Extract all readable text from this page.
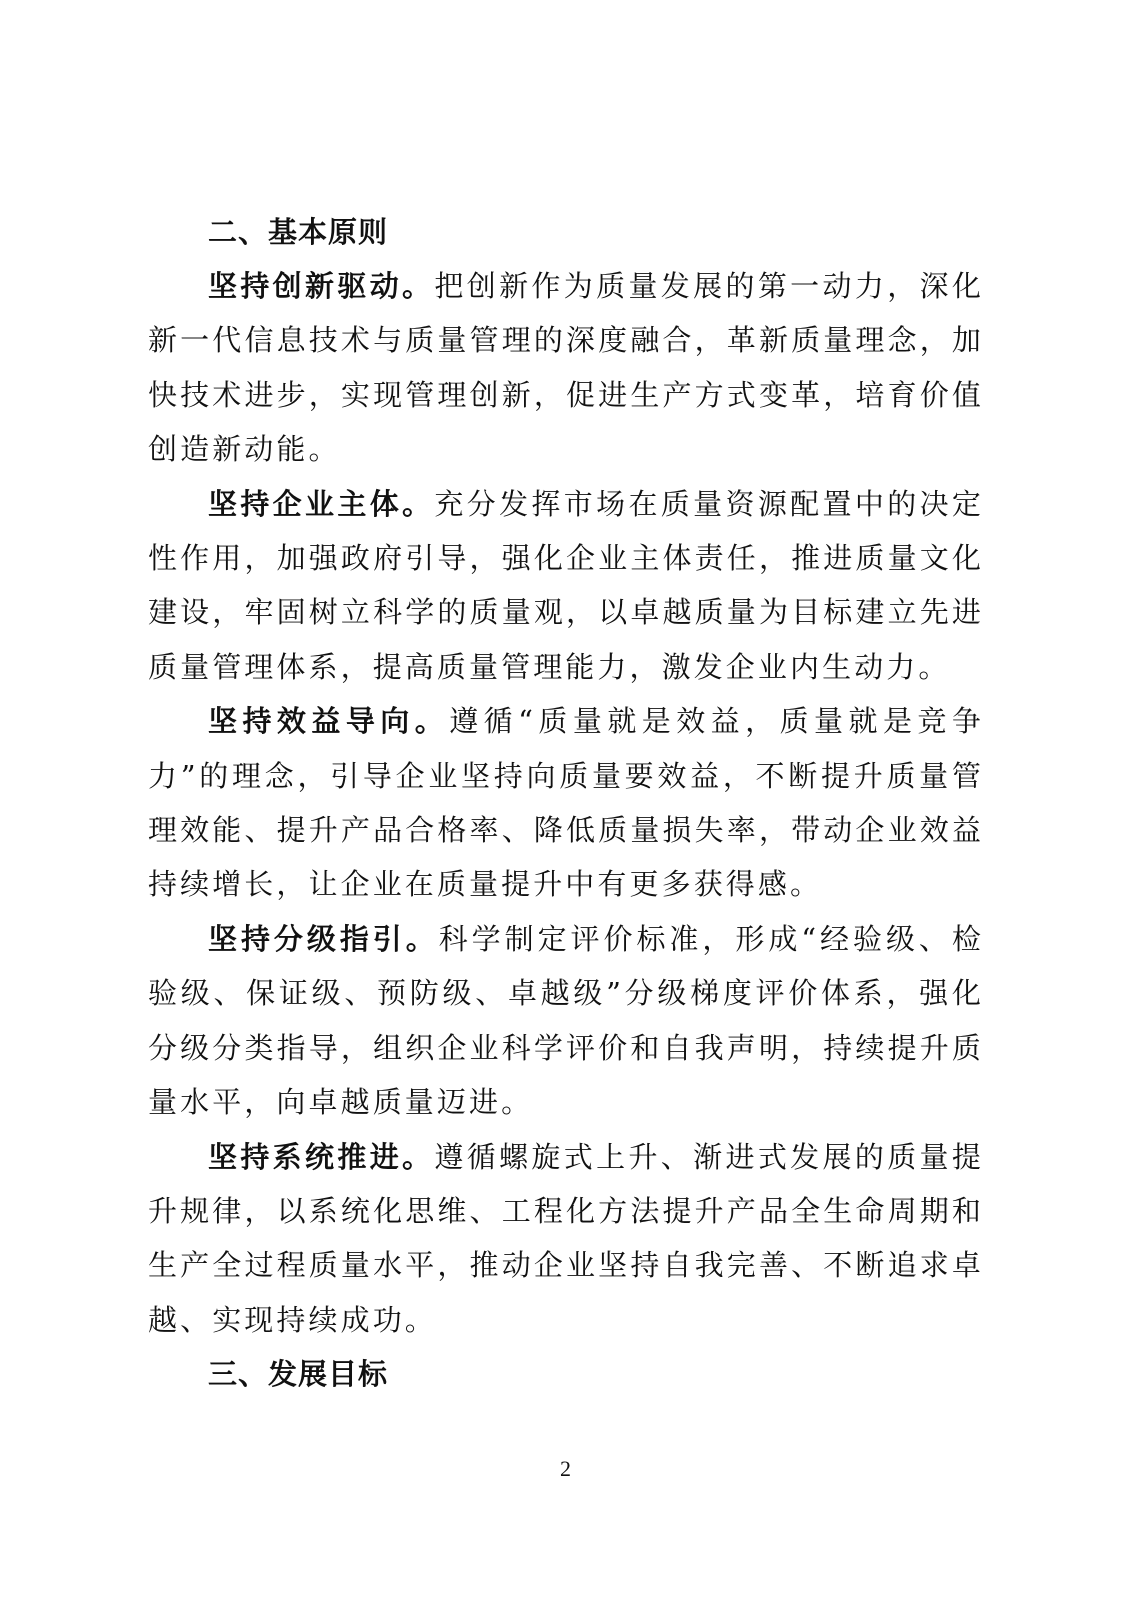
二、基本原则

坚持创新驱动。把创新作为质量发展的第一动力，深化新一代信息技术与质量管理的深度融合，革新质量理念，加快技术进步，实现管理创新，促进生产方式变革，培育价值创造新动能。

坚持企业主体。充分发挥市场在质量资源配置中的决定性作用，加强政府引导，强化企业主体责任，推进质量文化建设，牢固树立科学的质量观，以卓越质量为目标建立先进质量管理体系，提高质量管理能力，激发企业内生动力。

坚持效益导向。遵循“质量就是效益，质量就是竞争力”的理念，引导企业坚持向质量要效益，不断提升质量管理效能、提升产品合格率、降低质量损失率，带动企业效益持续增长，让企业在质量提升中有更多获得感。

坚持分级指引。科学制定评价标准，形成“经验级、检验级、保证级、预防级、卓越级”分级梯度评价体系，强化分级分类指导，组织企业科学评价和自我声明，持续提升质量水平，向卓越质量迈进。

坚持系统推进。遵循螺旋式上升、渐进式发展的质量提升规律，以系统化思维、工程化方法提升产品全生命周期和生产全过程质量水平，推动企业坚持自我完善、不断追求卓越、实现持续成功。

三、发展目标

2
